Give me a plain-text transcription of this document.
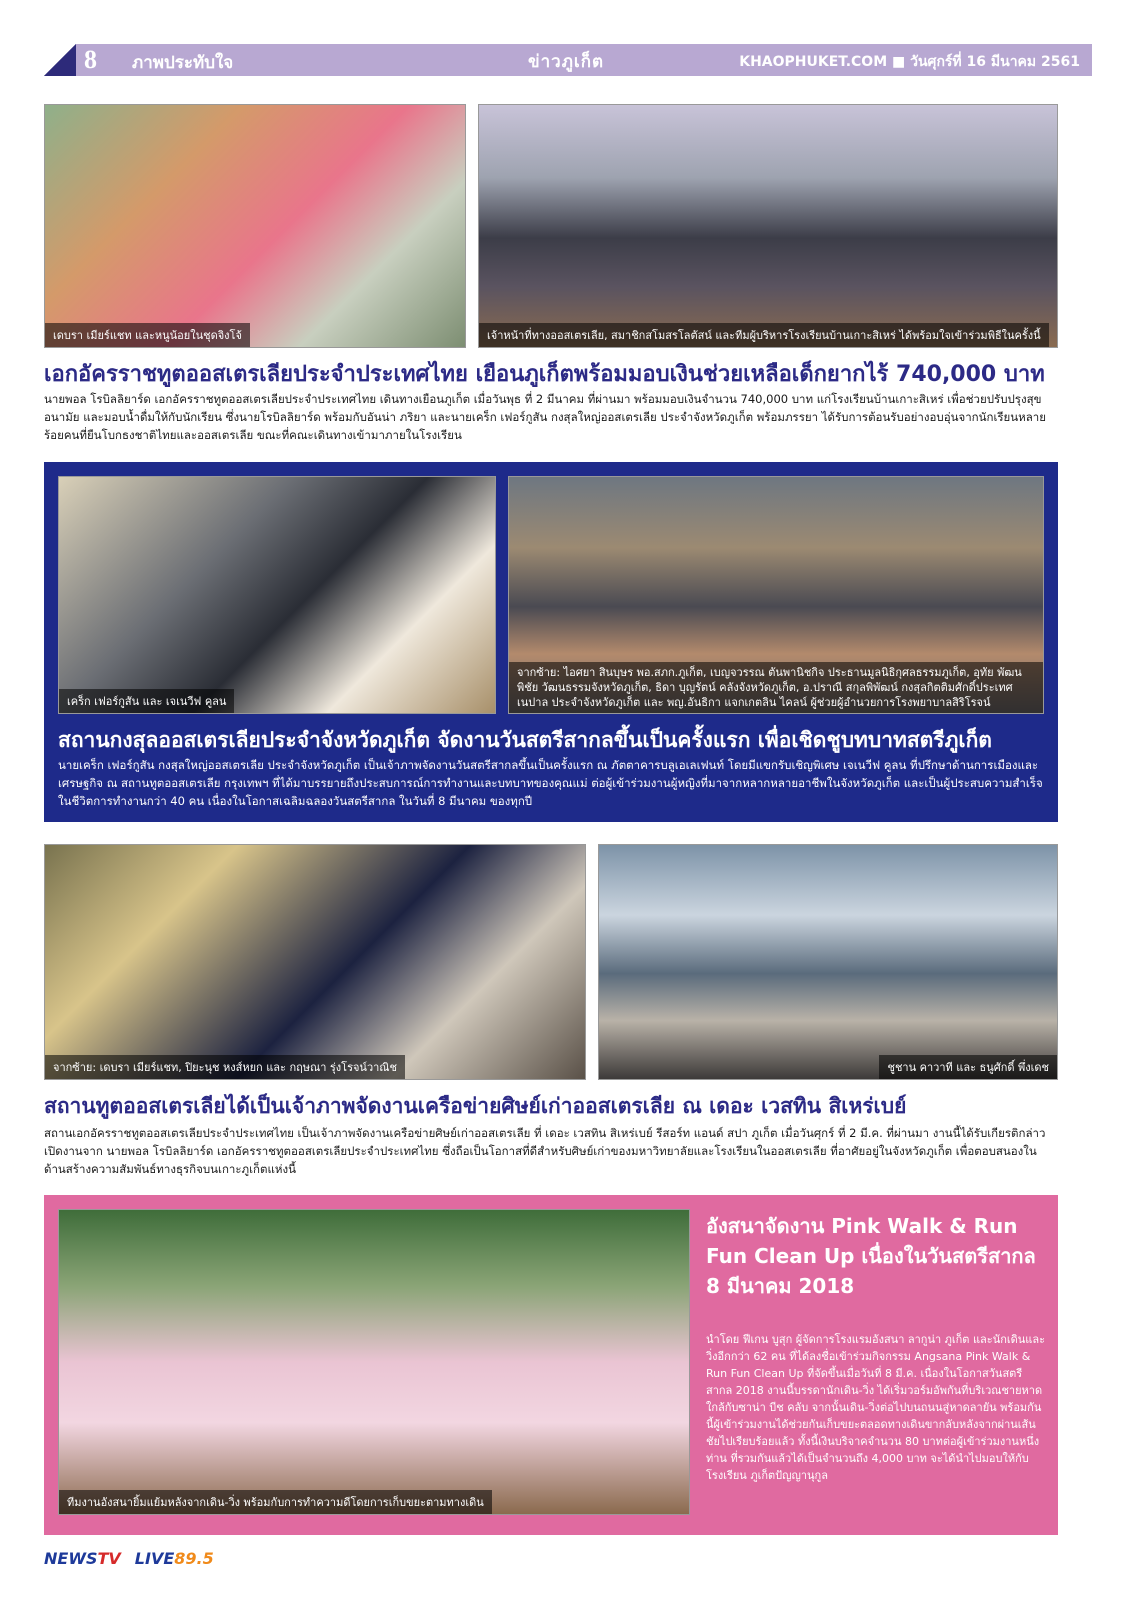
8 ภาพประทับใจ	ข่าวภูเก็ต	KHAOPHUKET.COM ■ วันศุกร์ที่ 16 มีนาคม 2561
เดบรา เมียร์แชท และหนูน้อยในชุดจิงโจ้	เจ้าหน้าที่ทางออสเตรเลีย, สมาชิกสโมสรโลตัสน์ และทีมผู้บริหารโรงเรียนบ้านเกาะสิเหร่ ได้พร้อมใจเข้าร่วมพิธีในครั้งนี้
เอกอัครราชทูตออสเตรเลียประจำประเทศไทย เยือนภูเก็ตพร้อมมอบเงินช่วยเหลือเด็กยากไร้ 740,000 บาท
นายพอล โรบิลลิยาร์ด เอกอัครราชทูตออสเตรเลียประจำประเทศไทย เดินทางเยือนภูเก็ต เมื่อวันพุธ ที่ 2 มีนาคม ที่ผ่านมา พร้อมมอบเงินจำนวน 740,000 บาท แก่โรงเรียนบ้านเกาะสิเหร่ เพื่อช่วยปรับปรุงสุขอนามัย และมอบน้ำดื่มให้กับนักเรียน ซึ่งนายโรบิลลิยาร์ด พร้อมกับอันน่า ภริยา และนายเคร็ก เฟอร์กูสัน กงสุลใหญ่ออสเตรเลีย ประจำจังหวัดภูเก็ต พร้อมภรรยา ได้รับการต้อนรับอย่างอบอุ่นจากนักเรียนหลายร้อยคนที่ยืนโบกธงชาติไทยและออสเตรเลีย ขณะที่คณะเดินทางเข้ามาภายในโรงเรียน
เคร็ก เฟอร์กูสัน และ เจเนวีฟ คูลน
จากซ้าย: ไอศยา สินบุษร พอ.สภก.ภูเก็ต, เบญจวรรณ ตันพานิชกิจ ประธานมูลนิธิกุศลธรรมภูเก็ต, อุทัย พัฒนพิชัย วัฒนธรรมจังหวัดภูเก็ต, ธิดา บุญรัตน์ คลังจังหวัดภูเก็ต, อ.ปราณี สกุลพิพัฒน์ กงสุลกิตติมศักดิ์ประเทศเนปาล ประจำจังหวัดภูเก็ต และ พญ.อันธิกา แจกเกตลิน ไคลน์ ผู้ช่วยผู้อำนวยการโรงพยาบาลสิริโรจน์
สถานกงสุลออสเตรเลียประจำจังหวัดภูเก็ต จัดงานวันสตรีสากลขึ้นเป็นครั้งแรก เพื่อเชิดชูบทบาทสตรีภูเก็ต
นายเคร็ก เฟอร์กูสัน กงสุลใหญ่ออสเตรเลีย ประจำจังหวัดภูเก็ต เป็นเจ้าภาพจัดงานวันสตรีสากลขึ้นเป็นครั้งแรก ณ ภัตตาคารบลูเอเลเฟนท์ โดยมีแขกรับเชิญพิเศษ เจเนวีฟ คูลน ที่ปรึกษาด้านการเมืองและเศรษฐกิจ ณ สถานทูตออสเตรเลีย กรุงเทพฯ ที่ได้มาบรรยายถึงประสบการณ์การทำงานและบทบาทของคุณแม่ ต่อผู้เข้าร่วมงานผู้หญิงที่มาจากหลากหลายอาชีพในจังหวัดภูเก็ต และเป็นผู้ประสบความสำเร็จในชีวิตการทำงานกว่า 40 คน เนื่องในโอกาสเฉลิมฉลองวันสตรีสากล ในวันที่ 8 มีนาคม ของทุกปี
จากซ้าย: เดบรา เมียร์แชท, ปิยะนุช หงส์หยก และ กฤษณา รุ่งโรจน์วาณิช	ชูชาน คาวาที และ ธนูศักดิ์ พึ่งเดช
สถานทูตออสเตรเลียได้เป็นเจ้าภาพจัดงานเครือข่ายศิษย์เก่าออสเตรเลีย ณ เดอะ เวสทิน สิเหร่เบย์
สถานเอกอัครราชทูตออสเตรเลียประจำประเทศไทย เป็นเจ้าภาพจัดงานเครือข่ายศิษย์เก่าออสเตรเลีย ที่ เดอะ เวสทิน สิเหร่เบย์ รีสอร์ท แอนด์ สปา ภูเก็ต เมื่อวันศุกร์ ที่ 2 มี.ค. ที่ผ่านมา งานนี้ได้รับเกียรติกล่าวเปิดงานจาก นายพอล โรบิลลิยาร์ด เอกอัครราชทูตออสเตรเลียประจำประเทศไทย ซึ่งถือเป็นโอกาสที่ดีสำหรับศิษย์เก่าของมหาวิทยาลัยและโรงเรียนในออสเตรเลีย ที่อาศัยอยู่ในจังหวัดภูเก็ต เพื่อตอบสนองในด้านสร้างความสัมพันธ์ทางธุรกิจบนเกาะภูเก็ตแห่งนี้
ทีมงานอังสนายิ้มแย้มหลังจากเดิน-วิ่ง พร้อมกับการทำความดีโดยการเก็บขยะตามทางเดิน
อังสนาจัดงาน Pink Walk & Run Fun Clean Up เนื่องในวันสตรีสากล 8 มีนาคม 2018
นำโดย ฟีเกน บูสุก ผู้จัดการโรงแรมอังสนา ลากูน่า ภูเก็ต และนักเดินและวิ่งอีกกว่า 62 คน ที่ได้ลงชื่อเข้าร่วมกิจกรรม Angsana Pink Walk & Run Fun Clean Up ที่จัดขึ้นเมื่อวันที่ 8 มี.ค. เนื่องในโอกาสวันสตรีสากล 2018 งานนี้บรรดานักเดิน-วิ่ง ได้เริ่มวอร์มอัพกันที่บริเวณชายหาด ใกล้กับซาน่า บีช คลับ จากนั้นเดิน-วิ่งต่อไปบนถนนสู่หาดลายัน พร้อมกันนี้ผู้เข้าร่วมงานได้ช่วยกันเก็บขยะตลอดทางเดินขากลับหลังจากผ่านเส้นชัยไปเรียบร้อยแล้ว ทั้งนี้เงินบริจาคจำนวน 80 บาทต่อผู้เข้าร่วมงานหนึ่งท่าน ที่รวมกันแล้วได้เป็นจำนวนถึง 4,000 บาท จะได้นำไปมอบให้กับโรงเรียน ภูเก็ตปัญญานุกูล
NEWSTV LIVE89.5
